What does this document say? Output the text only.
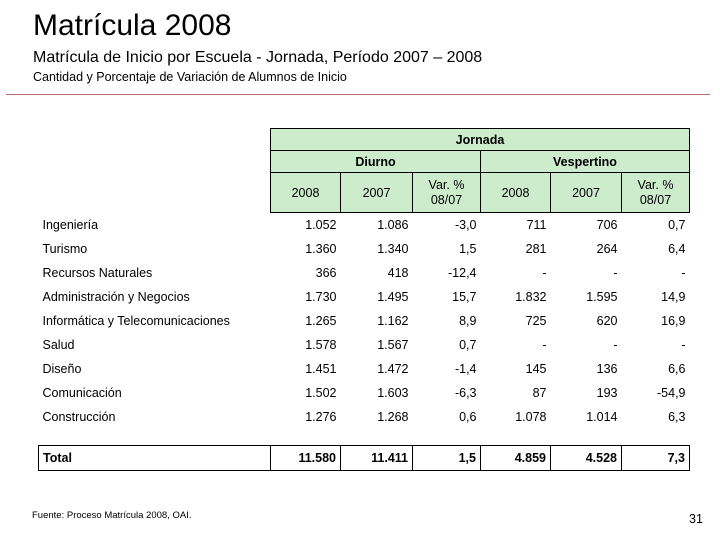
Matrícula 2008
Matrícula de Inicio por Escuela - Jornada, Período 2007 – 2008
Cantidad y Porcentaje de Variación de Alumnos de Inicio
	Jornada					
	Diurno			Vespertino		
	2008	2007	Var. % 08/07	2008	2007	Var. % 08/07
Ingeniería	1.052	1.086	-3,0	711	706	0,7
Turismo	1.360	1.340	1,5	281	264	6,4
Recursos Naturales	366	418	-12,4	-	-	-
Administración y Negocios	1.730	1.495	15,7	1.832	1.595	14,9
Informática y Telecomunicaciones	1.265	1.162	8,9	725	620	16,9
Salud	1.578	1.567	0,7	-	-	-
Diseño	1.451	1.472	-1,4	145	136	6,6
Comunicación	1.502	1.603	-6,3	87	193	-54,9
Construcción	1.276	1.268	0,6	1.078	1.014	6,3

Total	11.580	11.411	1,5	4.859	4.528	7,3
Fuente: Proceso Matrícula 2008, OAI.	31
